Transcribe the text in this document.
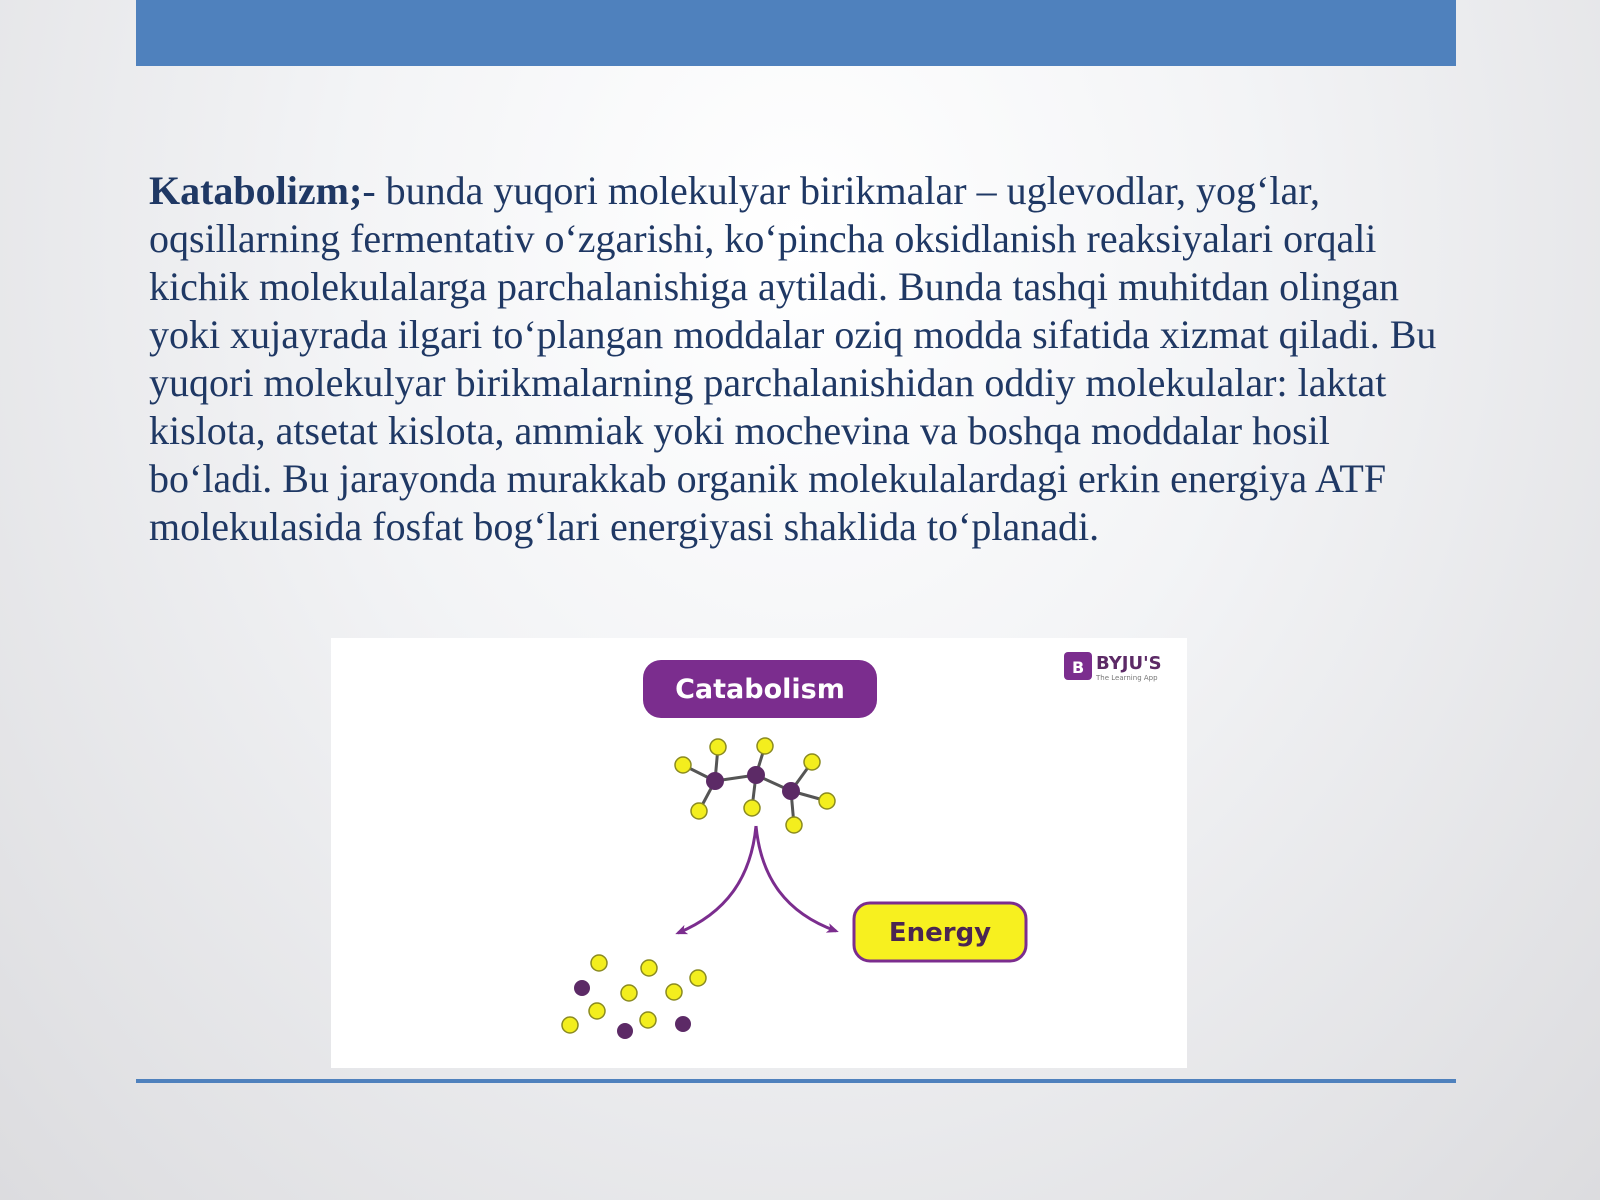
Katabolizm;- bunda yuqori molekulyar birikmalar – uglevodlar, yog‘lar, oqsillarning fermentativ o‘zgarishi, ko‘pincha oksidlanish reaksiyalari orqali kichik molekulalarga parchalanishiga aytiladi. Bunda tashqi muhitdan olingan yoki xujayrada ilgari to‘plangan moddalar oziq modda sifatida xizmat qiladi. Bu yuqori molekulyar birikmalarning parchalanishidan oddiy molekulalar: laktat kislota, atsetat kislota, ammiak yoki mochevina va boshqa moddalar hosil bo‘ladi. Bu jarayonda murakkab organik molekulalardagi erkin energiya ATF molekulasida fosfat bog‘lari energiyasi shaklida to‘planadi.

Catabolism
B BYJU'S
The Learning App
Energy
